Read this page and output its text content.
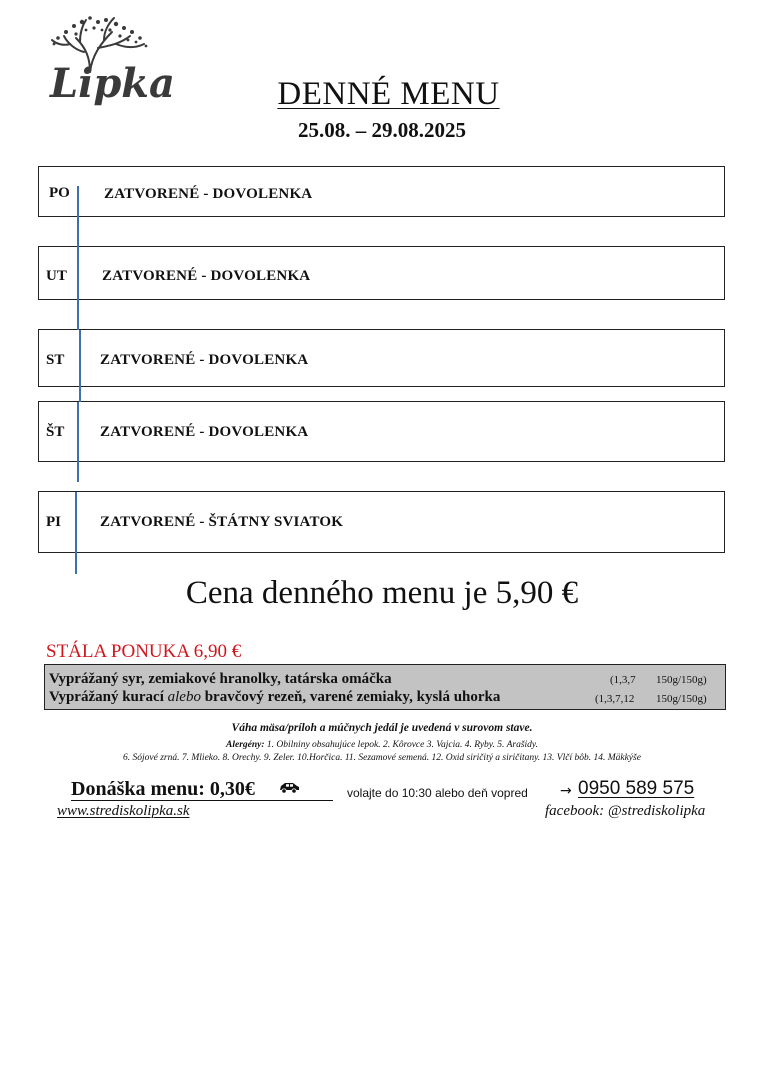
Lipka	DENNÉ MENU
25.08. – 29.08.2025
PO ZATVORENÉ - DOVOLENKA
UT ZATVORENÉ - DOVOLENKA
ST ZATVORENÉ - DOVOLENKA
ŠT ZATVORENÉ - DOVOLENKA
PI	ZATVORENÉ - ŠTÁTNY SVIATOK
Cena denného menu je 5,90 €
STÁLA PONUKA 6,90 €
Vyprážaný syr, zemiakové hranolky, tatárska omáčka	(1,3,7 150g/150g)
Vyprážaný kurací alebo bravčový rezeň, varené zemiaky, kyslá uhorka	(1,3,7,12 150g/150g)
Váha mäsa/príloh a múčnych jedál je uvedená v surovom stave.
Alergény: 1. Obilniny obsahujúce lepok. 2. Kôrovce 3. Vajcia. 4. Ryby. 5. Arašidy.
6. Sójové zrná. 7. Mlieko. 8. Orechy. 9. Zeler. 10.Horčica. 11. Sezamové semená. 12. Oxid siričitý a siričitany. 13. Vlčí bôb. 14. Mäkkýše
Donáška menu: 0,30€	volajte do 10:30 alebo deň vopred → 0950 589 575
www.strediskolipka.sk	facebook: @strediskolipka
